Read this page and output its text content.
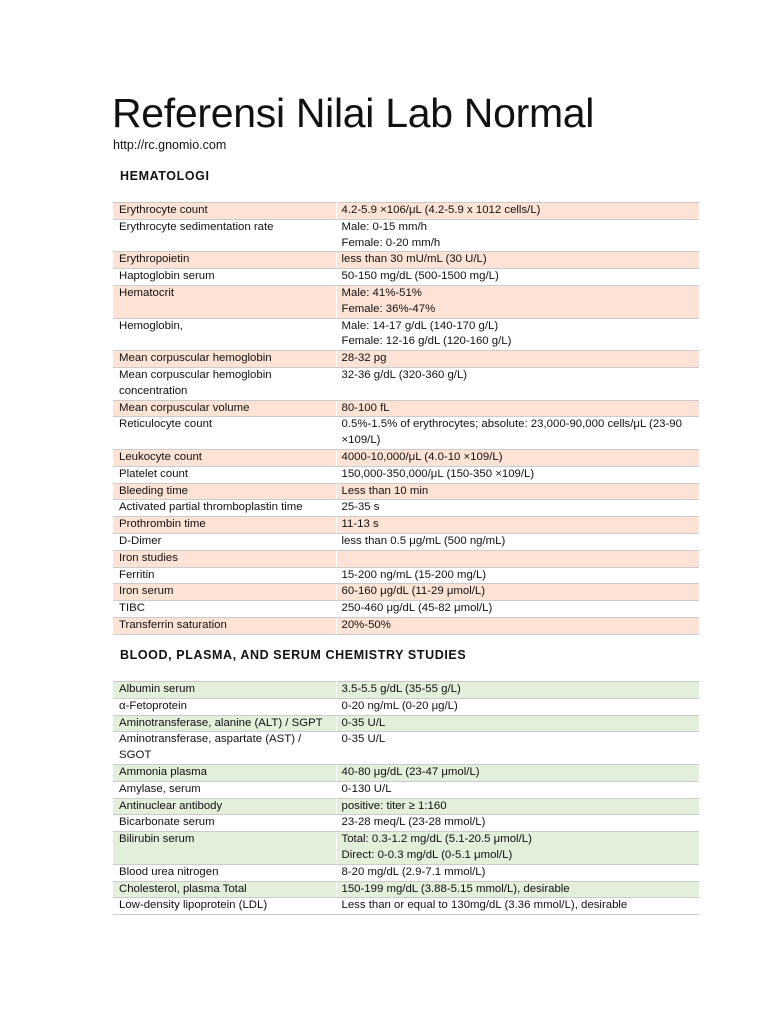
Referensi Nilai Lab Normal
http://rc.gnomio.com
HEMATOLOGI
Erythrocyte count	4.2-5.9 ×106/μL (4.2-5.9 x 1012 cells/L)
Erythrocyte sedimentation rate	Male: 0-15 mm/h
Female: 0-20 mm/h
Erythropoietin	less than 30 mU/mL (30 U/L)
Haptoglobin serum	50-150 mg/dL (500-1500 mg/L)
Hematocrit	Male: 41%-51%
Female: 36%-47%
Hemoglobin,	Male: 14-17 g/dL (140-170 g/L)
Female: 12-16 g/dL (120-160 g/L)
Mean corpuscular hemoglobin	28-32 pg
Mean corpuscular hemoglobin concentration	32-36 g/dL (320-360 g/L)
Mean corpuscular volume	80-100 fL
Reticulocyte count	0.5%-1.5% of erythrocytes; absolute: 23,000-90,000 cells/μL (23-90 ×109/L)
Leukocyte count	4000-10,000/μL (4.0-10 ×109/L)
Platelet count	150,000-350,000/μL (150-350 ×109/L)
Bleeding time	Less than 10 min
Activated partial thromboplastin time	25-35 s
Prothrombin time	11-13 s
D-Dimer	less than 0.5 μg/mL (500 ng/mL)
Iron studies	
Ferritin	15-200 ng/mL (15-200 mg/L)
Iron serum	60-160 μg/dL (11-29 μmol/L)
TIBC	250-460 μg/dL (45-82 μmol/L)
Transferrin saturation	20%-50%
BLOOD, PLASMA, AND SERUM CHEMISTRY STUDIES
Albumin serum	3.5-5.5 g/dL (35-55 g/L)
α-Fetoprotein	0-20 ng/mL (0-20 μg/L)
Aminotransferase, alanine (ALT) / SGPT	0-35 U/L
Aminotransferase, aspartate (AST) / SGOT	0-35 U/L
Ammonia plasma	40-80 μg/dL (23-47 μmol/L)
Amylase, serum	0-130 U/L
Antinuclear antibody	positive: titer ≥ 1:160
Bicarbonate serum	23-28 meq/L (23-28 mmol/L)
Bilirubin serum	Total: 0.3-1.2 mg/dL (5.1-20.5 μmol/L)
Direct: 0-0.3 mg/dL (0-5.1 μmol/L)
Blood urea nitrogen	8-20 mg/dL (2.9-7.1 mmol/L)
Cholesterol, plasma Total	150-199 mg/dL (3.88-5.15 mmol/L), desirable
Low-density lipoprotein (LDL)	Less than or equal to 130mg/dL (3.36 mmol/L), desirable
